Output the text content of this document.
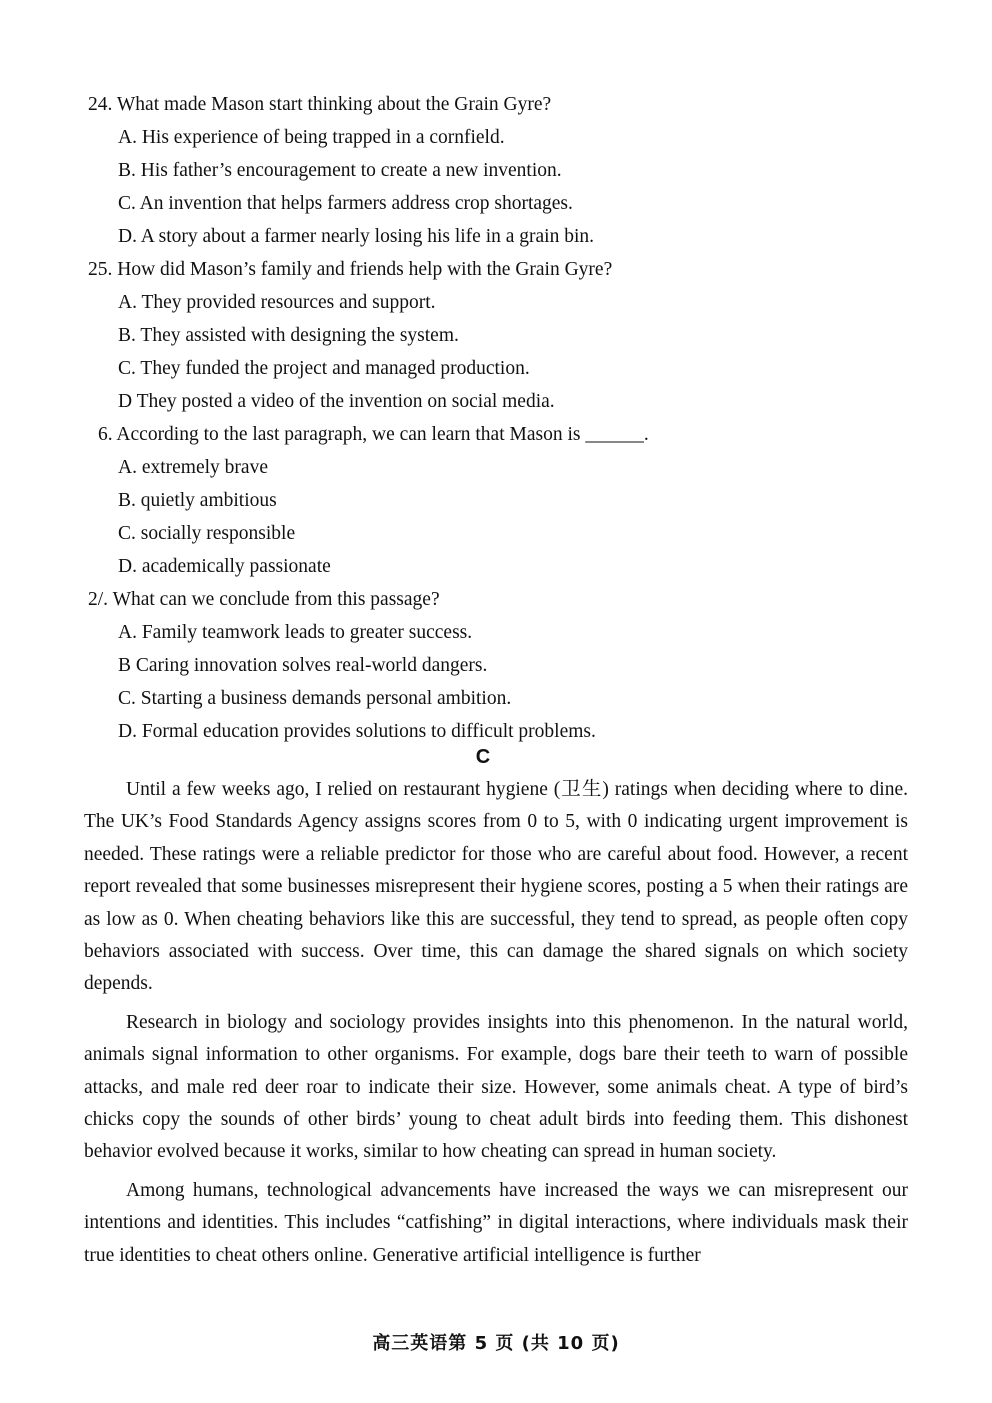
24. What made Mason start thinking about the Grain Gyre?
A. His experience of being trapped in a cornfield.
B. His father’s encouragement to create a new invention.
C. An invention that helps farmers address crop shortages.
D. A story about a farmer nearly losing his life in a grain bin.
25. How did Mason’s family and friends help with the Grain Gyre?
A. They provided resources and support.
B. They assisted with designing the system.
C. They funded the project and managed production.
D They posted a video of the invention on social media.
6. According to the last paragraph, we can learn that Mason is ______.
A. extremely brave
B. quietly ambitious
C. socially responsible
D. academically passionate
2/. What can we conclude from this passage?
A. Family teamwork leads to greater success.
B Caring innovation solves real-world dangers.
C. Starting a business demands personal ambition.
D. Formal education provides solutions to difficult problems.
C

Until a few weeks ago, I relied on restaurant hygiene (卫生) ratings when deciding where to dine. The UK’s Food Standards Agency assigns scores from 0 to 5, with 0 indicating urgent improvement is needed. These ratings were a reliable predictor for those who are careful about food. However, a recent report revealed that some businesses misrepresent their hygiene scores, posting a 5 when their ratings are as low as 0. When cheating behaviors like this are successful, they tend to spread, as people often copy behaviors associated with success. Over time, this can damage the shared signals on which society depends.

Research in biology and sociology provides insights into this phenomenon. In the natural world, animals signal information to other organisms. For example, dogs bare their teeth to warn of possible attacks, and male red deer roar to indicate their size. However, some animals cheat. A type of bird’s chicks copy the sounds of other birds’ young to cheat adult birds into feeding them. This dishonest behavior evolved because it works, similar to how cheating can spread in human society.

Among humans, technological advancements have increased the ways we can misrepresent our intentions and identities. This includes “catfishing” in digital interactions, where individuals mask their true identities to cheat others online. Generative artificial intelligence is further

高三英语第 5 页 (共 10 页)
